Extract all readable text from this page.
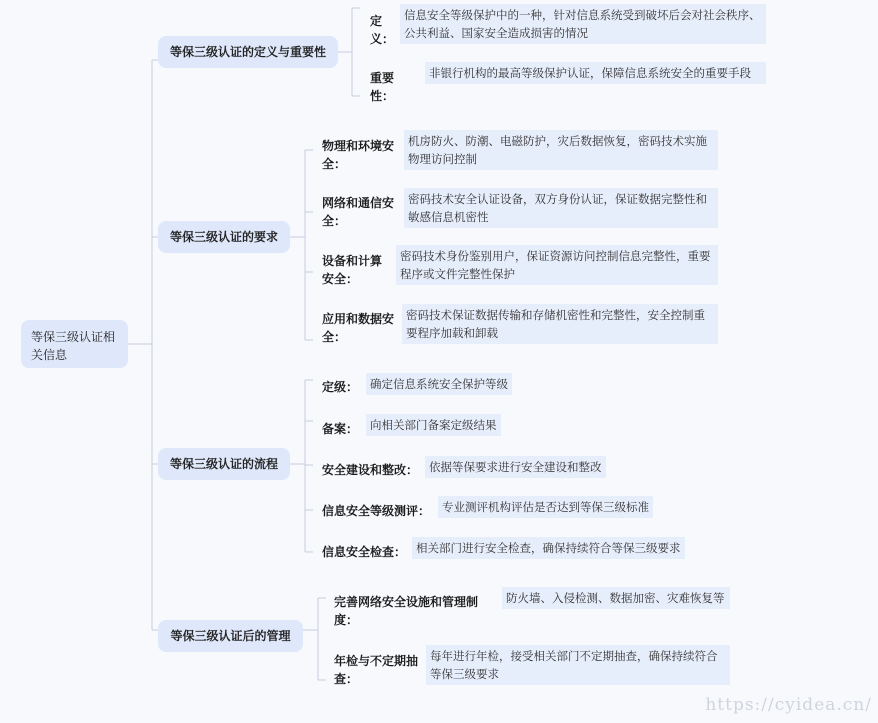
等保三级认证相关信息
等保三级认证的定义与重要性
定义：
信息安全等级保护中的一种，针对信息系统受到破坏后会对社会秩序、公共利益、国家安全造成损害的情况
重要性：
非银行机构的最高等级保护认证，保障信息系统安全的重要手段
等保三级认证的要求
物理和环境安全：
机房防火、防潮、电磁防护，灾后数据恢复，密码技术实施物理访问控制
网络和通信安全：
密码技术安全认证设备，双方身份认证，保证数据完整性和敏感信息机密性
设备和计算安全：
密码技术身份鉴别用户，保证资源访问控制信息完整性，重要程序或文件完整性保护
应用和数据安全：
密码技术保证数据传输和存储机密性和完整性，安全控制重要程序加载和卸载
等保三级认证的流程
定级：	确定信息系统安全保护等级
备案：	向相关部门备案定级结果
安全建设和整改： 依据等保要求进行安全建设和整改
信息安全等级测评：	专业测评机构评估是否达到等保三级标准
信息安全检查： 相关部门进行安全检查，确保持续符合等保三级要求
等保三级认证后的管理
完善网络安全设施和管理制度：
防火墙、入侵检测、数据加密、灾难恢复等
年检与不定期抽查：
每年进行年检，接受相关部门不定期抽查，确保持续符合等保三级要求
https://cyidea.cn/
